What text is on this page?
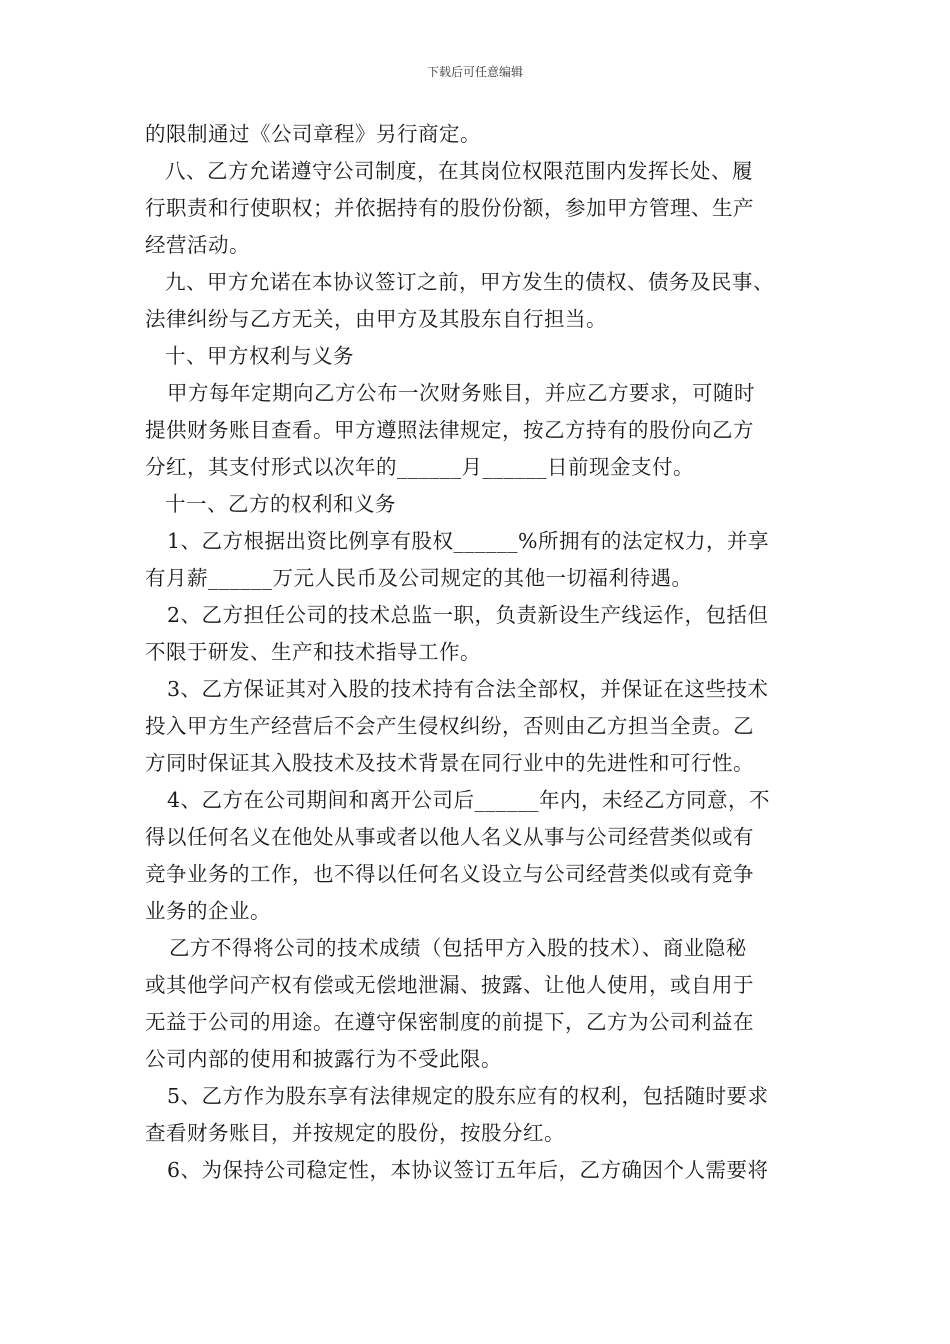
下载后可任意编辑
的限制通过《公司章程》另行商定。
八、乙方允诺遵守公司制度，在其岗位权限范围内发挥长处、履
行职责和行使职权；并依据持有的股份份额，参加甲方管理、生产
经营活动。
九、甲方允诺在本协议签订之前，甲方发生的债权、债务及民事、
法律纠纷与乙方无关，由甲方及其股东自行担当。
十、甲方权利与义务
甲方每年定期向乙方公布一次财务账目，并应乙方要求，可随时
提供财务账目查看。甲方遵照法律规定，按乙方持有的股份向乙方
分红，其支付形式以次年的______月______日前现金支付。
十一、乙方的权利和义务
1、乙方根据出资比例享有股权______%所拥有的法定权力，并享
有月薪______万元人民币及公司规定的其他一切福利待遇。
2、乙方担任公司的技术总监一职，负责新设生产线运作，包括但
不限于研发、生产和技术指导工作。
3、乙方保证其对入股的技术持有合法全部权，并保证在这些技术
投入甲方生产经营后不会产生侵权纠纷，否则由乙方担当全责。乙
方同时保证其入股技术及技术背景在同行业中的先进性和可行性。
4、乙方在公司期间和离开公司后______年内，未经乙方同意，不
得以任何名义在他处从事或者以他人名义从事与公司经营类似或有
竞争业务的工作，也不得以任何名义设立与公司经营类似或有竞争
业务的企业。
乙方不得将公司的技术成绩（包括甲方入股的技术）、商业隐秘
或其他学问产权有偿或无偿地泄漏、披露、让他人使用，或自用于
无益于公司的用途。在遵守保密制度的前提下，乙方为公司利益在
公司内部的使用和披露行为不受此限。
5、乙方作为股东享有法律规定的股东应有的权利，包括随时要求
查看财务账目，并按规定的股份，按股分红。
6、为保持公司稳定性，本协议签订五年后，乙方确因个人需要将
